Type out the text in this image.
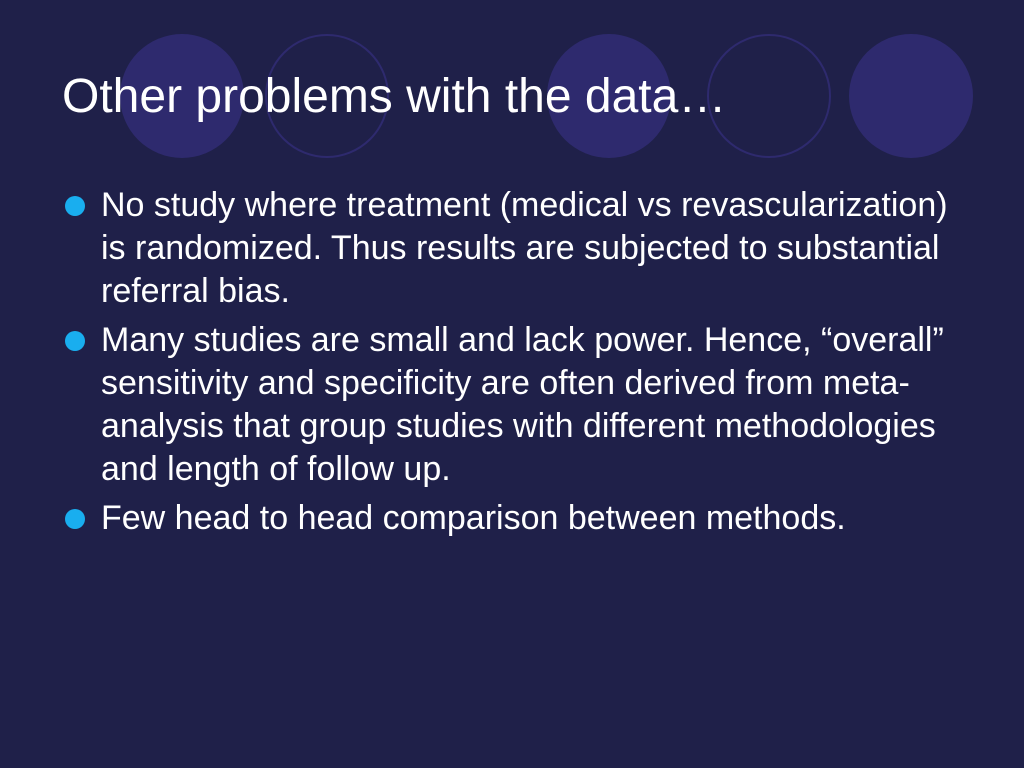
Other problems with the data…
No study where treatment (medical vs revascularization) is randomized. Thus results are subjected to substantial referral bias.
Many studies are small and lack power. Hence, “overall” sensitivity and specificity are often derived from meta-analysis that group studies with different methodologies and length of follow up.
Few head to head comparison between methods.
